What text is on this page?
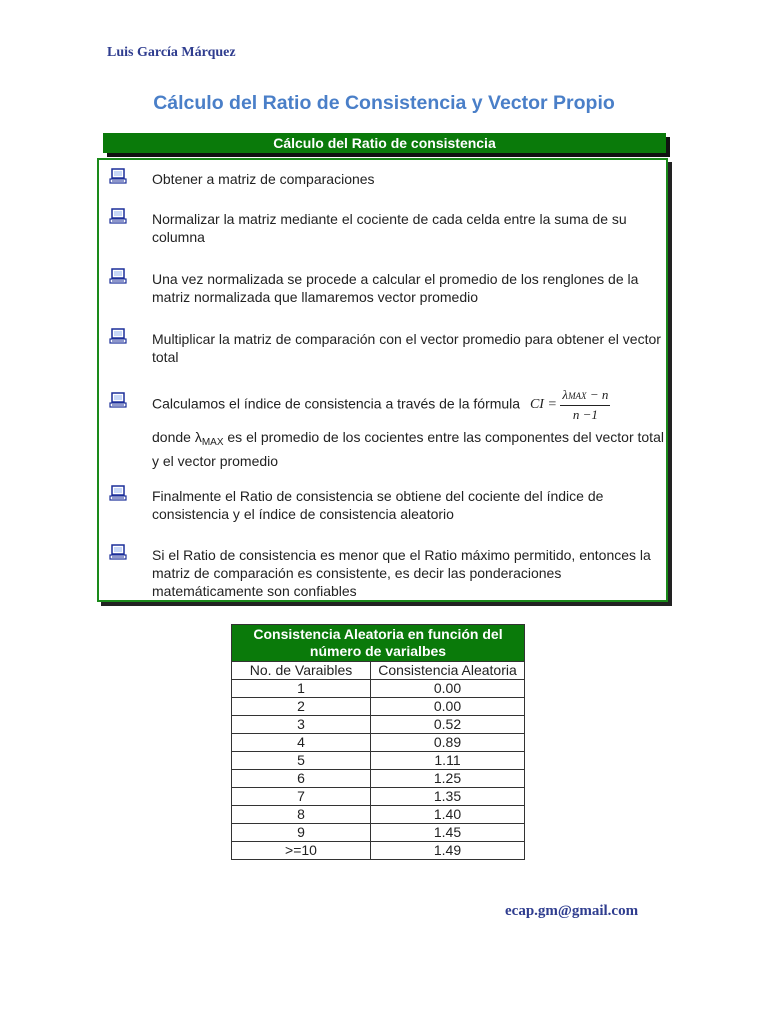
Luis García Márquez
Cálculo del Ratio de Consistencia y Vector Propio
Cálculo del Ratio de consistencia
Obtener a matriz de comparaciones
Normalizar la matriz mediante el cociente de cada celda entre la suma de su columna
Una vez normalizada se procede a calcular el promedio de los renglones de la matriz normalizada que llamaremos vector promedio
Multiplicar la matriz de comparación con el vector promedio para obtener el vector total
Calculamos el índice de consistencia a través de la fórmula CI = $\frac{\text{λMAX − n}}{n -1}$
donde $\lambda_{MAX}$ es el promedio de los cocientes entre las componentes del vector total y el vector promedio
Finalmente el Ratio de consistencia se obtiene del cociente del índice de consistencia y el índice de consistencia aleatorio
Si el Ratio de consistencia es menor que el Ratio máximo permitido, entonces la matriz de comparación es consistente, es decir las ponderaciones matemáticamente son confiables
Consistencia Aleatoria en función del número de varialbes	
No. de Varaibles	Consistencia Aleatoria
1	0.00
2	0.00
3	0.52
4	0.89
5	1.11
6	1.25
7	1.35
8	1.40
9	1.45
>=10	1.49
ecap.gm@gmail.com
